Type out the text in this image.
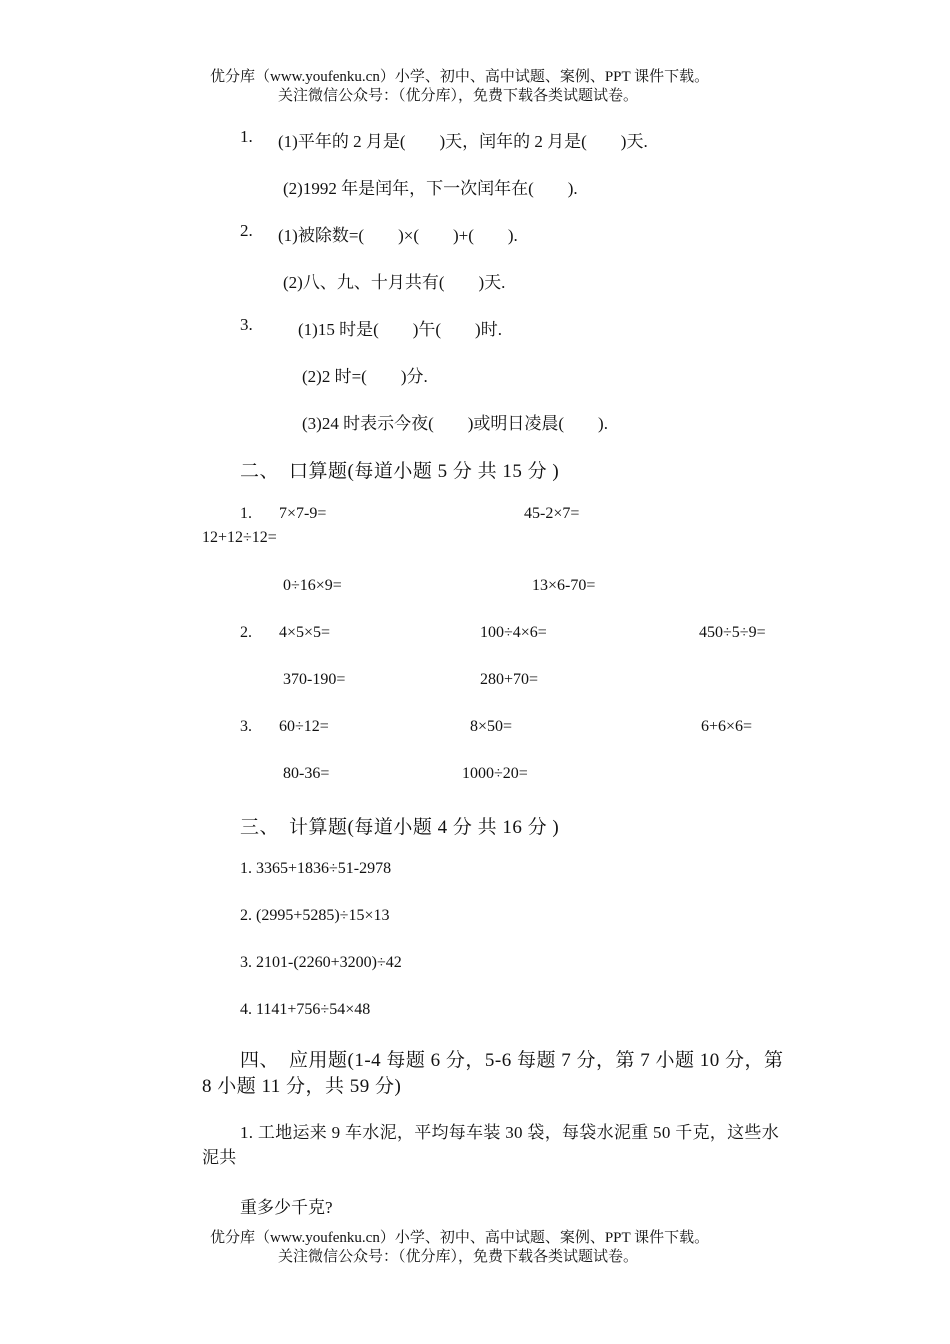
优分库（www.youfenku.cn）小学、初中、高中试题、案例、PPT 课件下载。
关注微信公众号：（优分库），免费下载各类试题试卷。
1. (1)平年的 2 月是(　　)天，闰年的 2 月是(　　)天.
(2)1992 年是闰年，下一次闰年在(　　).
2. (1)被除数=(　　)×(　　)+(　　).
(2)八、九、十月共有(　　)天.
3.	(1)15 时是(　　)午(　　)时.
(2)2 时=(　　)分.
(3)24 时表示今夜(　　)或明日凌晨(　　).
二、　口算题(每道小题 5 分 共 15 分 )
1. 7×7-9=	45-2×7=
12+12÷12=
0÷16×9=	13×6-70=
2. 4×5×5=	100÷4×6=	450÷5÷9=
370-190=	280+70=
3. 60÷12=	8×50=	6+6×6=
80-36=	1000÷20=
三、　计算题(每道小题 4 分 共 16 分 )
1. 3365+1836÷51-2978
2. (2995+5285)÷15×13
3. 2101-(2260+3200)÷42
4. 1141+756÷54×48
四、　应用题(1-4 每题 6 分，5-6 每题 7 分，第 7 小题 10 分，第 8 小题 11 分，共 59 分)
1. 工地运来 9 车水泥，平均每车装 30 袋，每袋水泥重 50 千克，这些水泥共
重多少千克?
优分库（www.youfenku.cn）小学、初中、高中试题、案例、PPT 课件下载。
关注微信公众号：（优分库），免费下载各类试题试卷。
